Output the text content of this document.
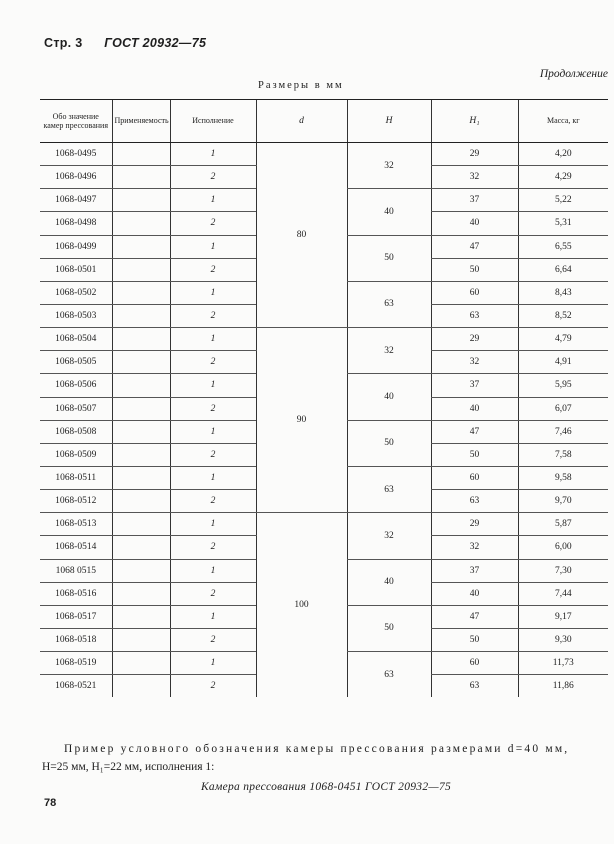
Стр. 3 ГОСТ 20932—75
Продолжение
Размеры в мм
Обо значение камер прессования	Применяемость	Исполнение	d	H	H₁	Масса, кг
1068-0495		1	80	32	29	4,20
1068-0496		2			32	4,29
1068-0497		1		40	37	5,22
1068-0498		2			40	5,31
1068-0499		1		50	47	6,55
1068-0501		2			50	6,64
1068-0502		1		63	60	8,43
1068-0503		2			63	8,52
1068-0504		1	90	32	29	4,79
1068-0505		2			32	4,91
1068-0506		1		40	37	5,95
1068-0507		2			40	6,07
1068-0508		1		50	47	7,46
1068-0509		2			50	7,58
1068-0511		1		63	60	9,58
1068-0512		2			63	9,70
1068-0513		1	100	32	29	5,87
1068-0514		2			32	6,00
1068 0515		1		40	37	7,30
1068-0516		2			40	7,44
1068-0517		1		50	47	9,17
1068-0518		2			50	9,30
1068-0519		1		63	60	11,73
1068-0521		2			63	11,86
Пример условного обозначения камеры прессования размерами d=40 мм,
H=25 мм, H₁=22 мм, исполнения 1:
Камера прессования 1068-0451 ГОСТ 20932—75
78
